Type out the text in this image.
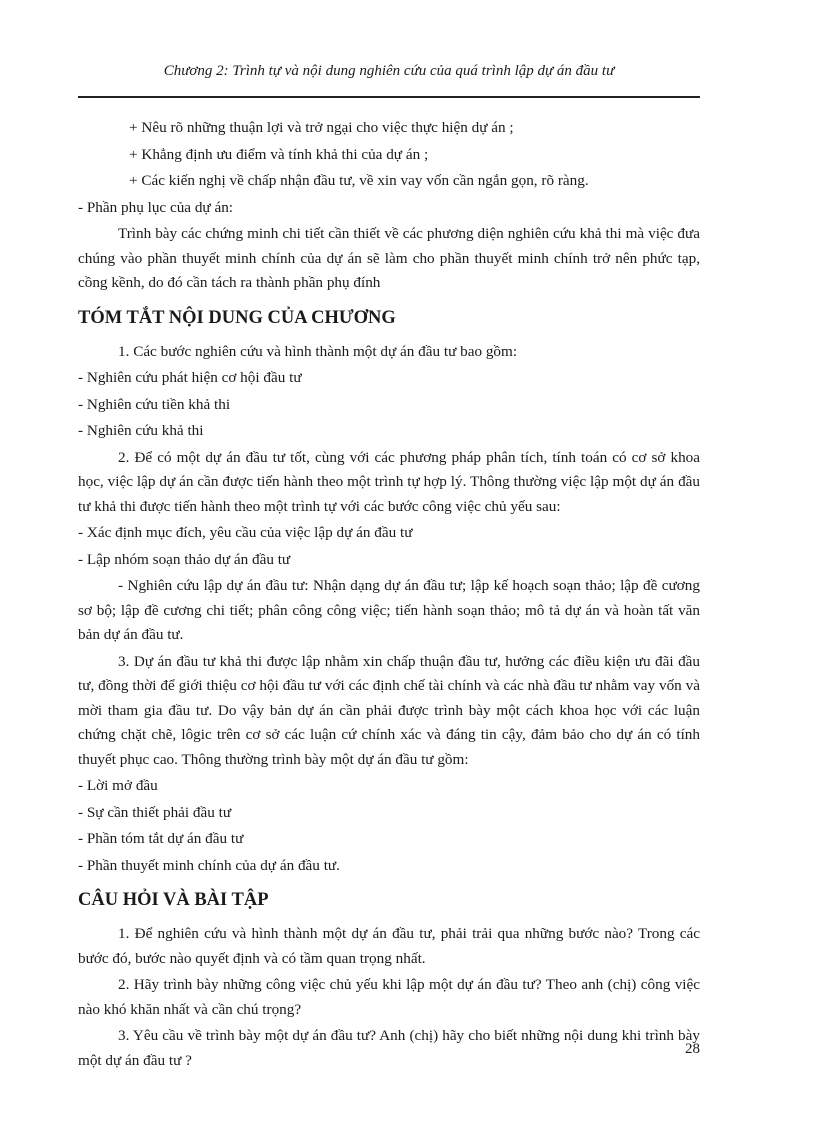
Chương 2: Trình tự và nội dung nghiên cứu của quá trình lập dự án đầu tư

+ Nêu rõ những thuận lợi và trở ngại cho việc thực hiện dự án ;

+ Khẳng định ưu điểm và tính khả thi của dự án ;

+ Các kiến nghị về chấp nhận đầu tư, về xin vay vốn cần ngắn gọn, rõ ràng.

- Phần phụ lục của dự án:

Trình bày các chứng minh chi tiết cần thiết về các phương diện nghiên cứu khả thi mà việc đưa chúng vào phần thuyết minh chính của dự án sẽ làm cho phần thuyết minh chính trở nên phức tạp, cồng kềnh, do đó cần tách ra thành phần phụ đính

TÓM TẮT NỘI DUNG CỦA CHƯƠNG

1. Các bước nghiên cứu và hình thành một dự án đầu tư bao gồm:

- Nghiên cứu phát hiện cơ hội đầu tư

- Nghiên cứu tiền khả thi

- Nghiên cứu khả thi

2. Để có một dự án đầu tư tốt, cùng với các phương pháp phân tích, tính toán có cơ sở khoa học, việc lập dự án cần được tiến hành theo một trình tự hợp lý. Thông thường việc lập một dự án đầu tư khả thi được tiến hành theo một trình tự với các bước công việc chủ yếu sau:

- Xác định mục đích, yêu cầu của việc lập dự án đầu tư

- Lập nhóm soạn thảo dự án đầu tư

- Nghiên cứu lập dự án đầu tư: Nhận dạng dự án đầu tư; lập kế hoạch soạn thảo; lập đề cương sơ bộ; lập đề cương chi tiết; phân công công việc; tiến hành soạn thảo; mô tả dự án và hoàn tất văn bản dự án đầu tư.

3. Dự án đầu tư khả thi được lập nhằm xin chấp thuận đầu tư, hưởng các điều kiện ưu đãi đầu tư, đồng thời để giới thiệu cơ hội đầu tư với các định chế tài chính và các nhà đầu tư nhằm vay vốn và mời tham gia đầu tư. Do vậy bản dự án cần phải được trình bày một cách khoa học với các luận chứng chặt chẽ, lôgic trên cơ sở các luận cứ chính xác và đáng tin cậy, đảm bảo cho dự án có tính thuyết phục cao. Thông thường trình bày một dự án đầu tư gồm:

- Lời mở đầu

- Sự cần thiết phải đầu tư

- Phần tóm tắt dự án đầu tư

- Phần thuyết minh chính của dự án đầu tư.

CÂU HỎI VÀ BÀI TẬP

1. Để nghiên cứu và hình thành một dự án đầu tư, phải trải qua những bước nào? Trong các bước đó, bước nào quyết định và có tầm quan trọng nhất.

2. Hãy trình bày những công việc chủ yếu khi lập một dự án đầu tư? Theo anh (chị) công việc nào khó khăn nhất và cần chú trọng?

3. Yêu cầu về trình bày một dự án đầu tư? Anh (chị) hãy cho biết những nội dung khi trình bày một dự án đầu tư ?

28
